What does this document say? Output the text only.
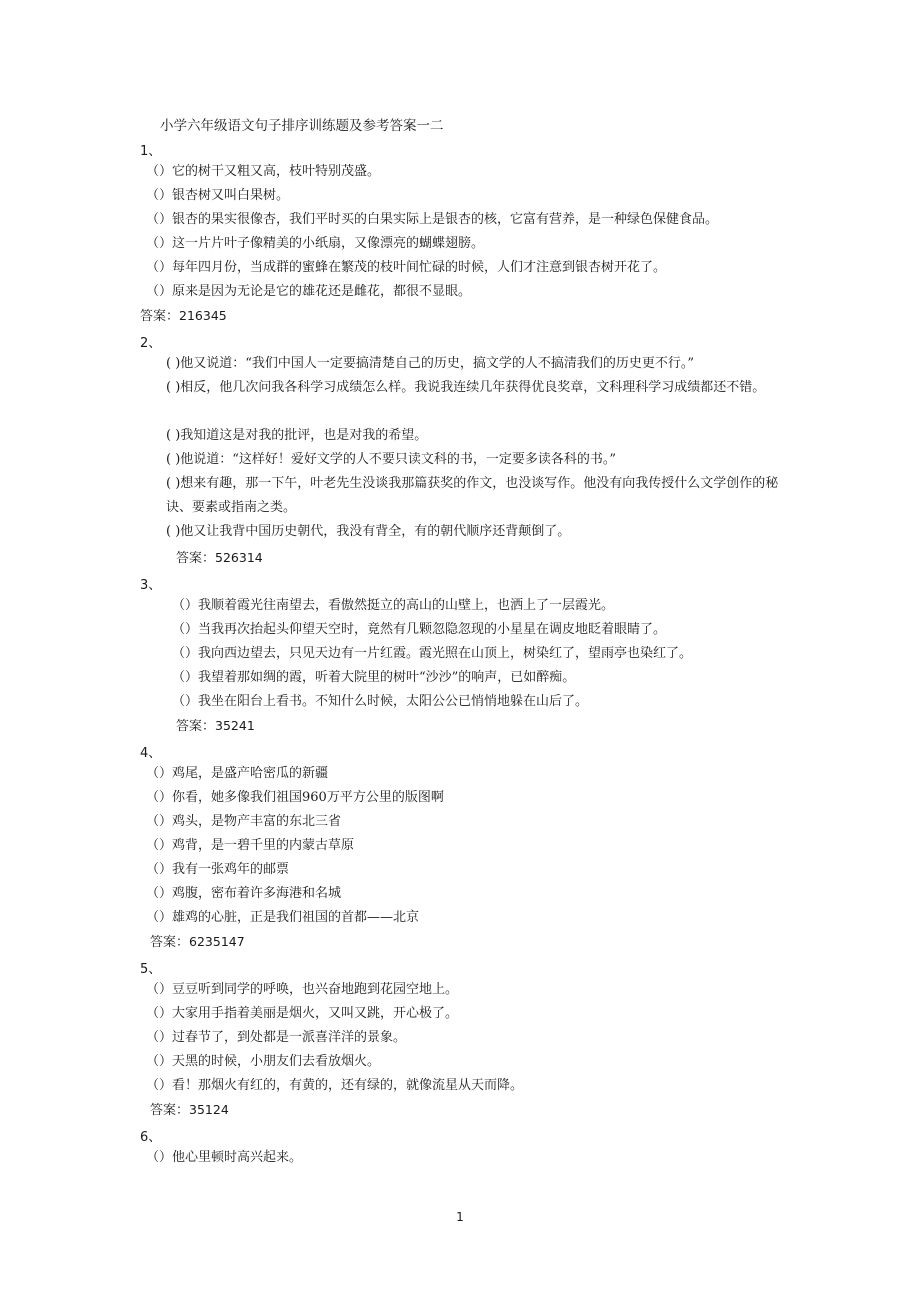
小学六年级语文句子排序训练题及参考答案一二
1、
（）它的树干又粗又高，枝叶特别茂盛。
（）银杏树又叫白果树。
（）银杏的果实很像杏，我们平时买的白果实际上是银杏的核，它富有营养，是一种绿色保健食品。
（）这一片片叶子像精美的小纸扇，又像漂亮的蝴蝶翅膀。
（）每年四月份，当成群的蜜蜂在繁茂的枝叶间忙碌的时候，人们才注意到银杏树开花了。
（）原来是因为无论是它的雄花还是雌花，都很不显眼。
答案：216345
2、
( )他又说道：“我们中国人一定要搞清楚自己的历史，搞文学的人不搞清我们的历史更不行。”
( )相反，他几次问我各科学习成绩怎么样。我说我连续几年获得优良奖章，文科理科学习成绩都还不错。
( )我知道这是对我的批评，也是对我的希望。
( )他说道：“这样好！爱好文学的人不要只读文科的书，一定要多读各科的书。”
( )想来有趣，那一下午，叶老先生没谈我那篇获奖的作文，也没谈写作。他没有向我传授什么文学创作的秘诀、要素或指南之类。
( )他又让我背中国历史朝代，我没有背全，有的朝代顺序还背颠倒了。
答案：526314
3、
（）我顺着霞光往南望去，看傲然挺立的高山的山壁上，也洒上了一层霞光。
（）当我再次抬起头仰望天空时，竟然有几颗忽隐忽现的小星星在调皮地眨着眼睛了。
（）我向西边望去，只见天边有一片红霞。霞光照在山顶上，树染红了，望雨亭也染红了。
（）我望着那如绸的霞，听着大院里的树叶“沙沙”的响声，已如醉痴。
（）我坐在阳台上看书。不知什么时候，太阳公公已悄悄地躲在山后了。
答案：35241
4、
（）鸡尾，是盛产哈密瓜的新疆
（）你看，她多像我们祖国960万平方公里的版图啊
（）鸡头，是物产丰富的东北三省
（）鸡背，是一碧千里的内蒙古草原
（）我有一张鸡年的邮票
（）鸡腹，密布着许多海港和名城
（）雄鸡的心脏，正是我们祖国的首都——北京
答案：6235147
5、
（）豆豆听到同学的呼唤，也兴奋地跑到花园空地上。
（）大家用手指着美丽是烟火，又叫又跳，开心极了。
（）过春节了，到处都是一派喜洋洋的景象。
（）天黑的时候，小朋友们去看放烟火。
（）看！那烟火有红的，有黄的，还有绿的，就像流星从天而降。
答案：35124
6、
（）他心里顿时高兴起来。
1
